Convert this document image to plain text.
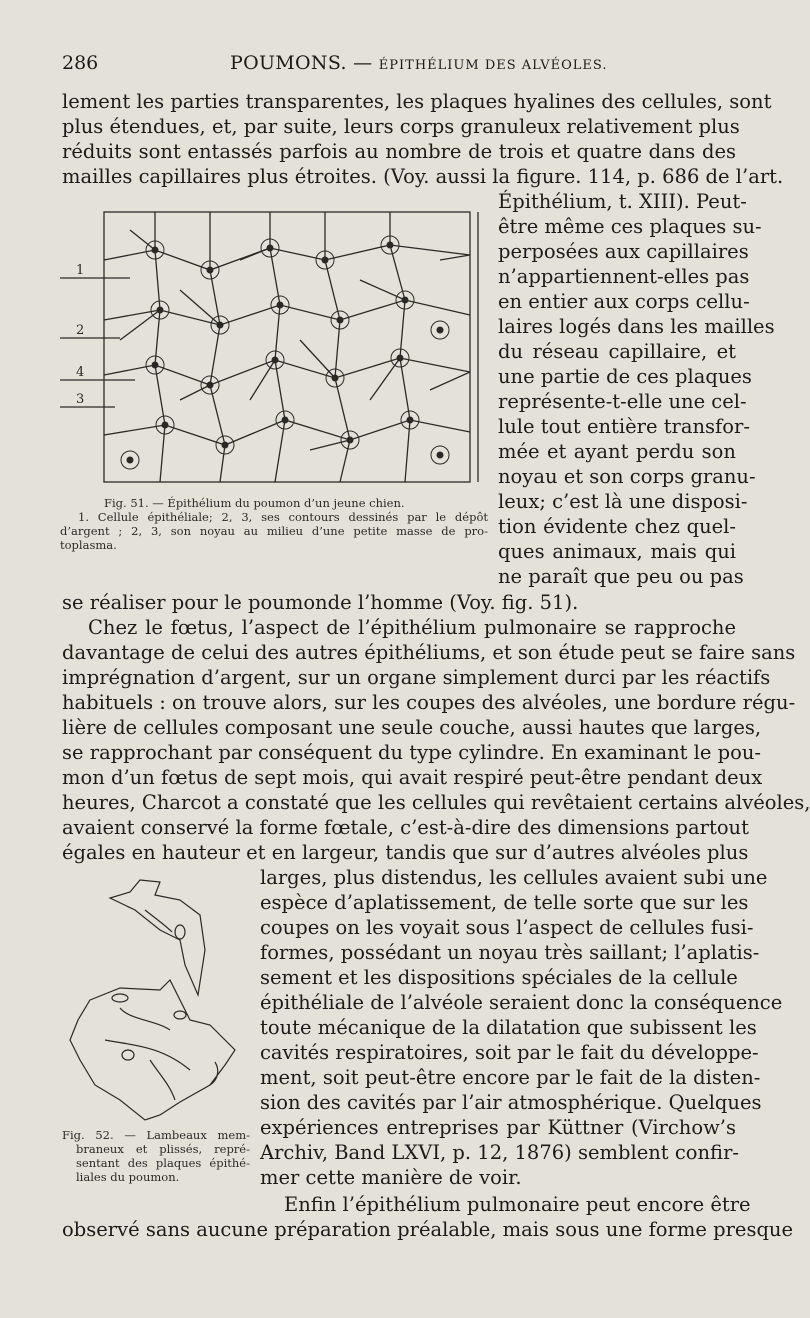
286	POUMONS. — ÉPITHÉLIUM DES ALVÉOLES.
lement les parties transparentes, les plaques hyalines des cellules, sont
plus étendues, et, par suite, leurs corps granuleux relativement plus
réduits sont entassés parfois au nombre de trois et quatre dans des
mailles capillaires plus étroites. (Voy. aussi la figure. 114, p. 686 de l’art.
Épithélium, t. XIII). Peut-
être même ces plaques su-
perposées aux capillaires
n’appartiennent-elles pas
en entier aux corps cellu-
laires logés dans les mailles
du réseau capillaire, et
une partie de ces plaques
représente-t-elle une cel-
lule tout entière transfor-
mée et ayant perdu son
noyau et son corps granu-
leux; c’est là une disposi-
tion évidente chez quel-
ques animaux, mais qui
ne paraît que peu ou pas
1
2
4
3
Fig. 51. — Épithélium du poumon d’un jeune chien.
1. Cellule épithéliale; 2, 3, ses contours dessinés par le dépôt
d’argent ; 2, 3, son noyau au milieu d’une petite masse de pro-
toplasma.
se réaliser pour le poumonde l’homme (Voy. fig. 51).
Chez le fœtus, l’aspect de l’épithélium pulmonaire se rapproche
davantage de celui des autres épithéliums, et son étude peut se faire sans
imprégnation d’argent, sur un organe simplement durci par les réactifs
habituels : on trouve alors, sur les coupes des alvéoles, une bordure régu-
lière de cellules composant une seule couche, aussi hautes que larges,
se rapprochant par conséquent du type cylindre. En examinant le pou-
mon d’un fœtus de sept mois, qui avait respiré peut-être pendant deux
heures, Charcot a constaté que les cellules qui revêtaient certains alvéoles,
avaient conservé la forme fœtale, c’est-à-dire des dimensions partout
égales en hauteur et en largeur, tandis que sur d’autres alvéoles plus
larges, plus distendus, les cellules avaient subi une
espèce d’aplatissement, de telle sorte que sur les
coupes on les voyait sous l’aspect de cellules fusi-
formes, possédant un noyau très saillant; l’aplatis-
sement et les dispositions spéciales de la cellule
épithéliale de l’alvéole seraient donc la conséquence
toute mécanique de la dilatation que subissent les
cavités respiratoires, soit par le fait du développe-
ment, soit peut-être encore par le fait de la disten-
sion des cavités par l’air atmosphérique. Quelques
expériences entreprises par Küttner (Virchow’s
Archiv, Band LXVI, p. 12, 1876) semblent confir-
mer cette manière de voir.
Fig. 52. — Lambeaux mem-
braneux et plissés, repré-
sentant des plaques épithé-
liales du poumon.
Enfin l’épithélium pulmonaire peut encore être
observé sans aucune préparation préalable, mais sous une forme presque
